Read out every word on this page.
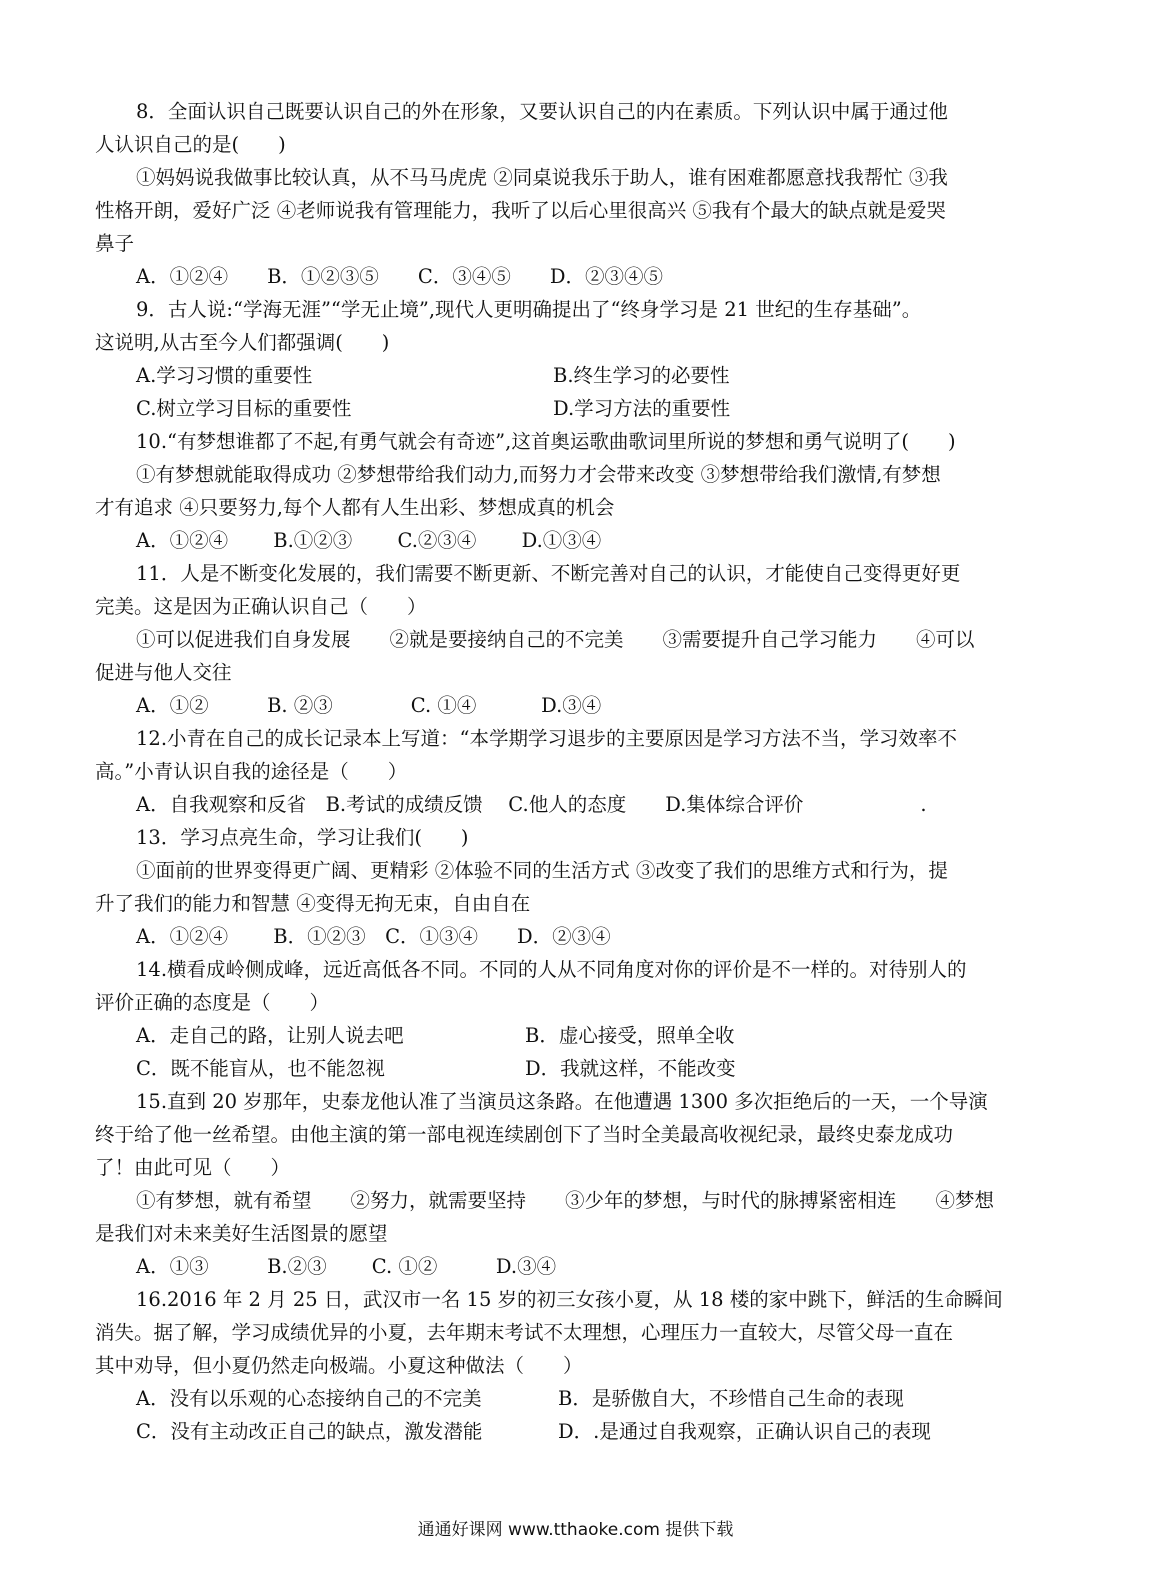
8．全面认识自己既要认识自己的外在形象，又要认识自己的内在素质。下列认识中属于通过他
人认识自己的是(　　)
①妈妈说我做事比较认真，从不马马虎虎 ②同桌说我乐于助人，谁有困难都愿意找我帮忙 ③我
性格开朗，爱好广泛 ④老师说我有管理能力，我听了以后心里很高兴 ⑤我有个最大的缺点就是爱哭
鼻子
A．①②④　　B．①②③⑤　　C．③④⑤　　D．②③④⑤
9．古人说:“学海无涯”“学无止境”,现代人更明确提出了“终身学习是 21 世纪的生存基础”。
这说明,从古至今人们都强调(　　)
A.学习习惯的重要性	B.终生学习的必要性
C.树立学习目标的重要性	D.学习方法的重要性
10.“有梦想谁都了不起,有勇气就会有奇迹”,这首奥运歌曲歌词里所说的梦想和勇气说明了(　　)
①有梦想就能取得成功 ②梦想带给我们动力,而努力才会带来改变 ③梦想带给我们激情,有梦想
才有追求 ④只要努力,每个人都有人生出彩、梦想成真的机会
A．①②④　　 B.①②③　　 C.②③④　　 D.①③④
11．人是不断变化发展的，我们需要不断更新、不断完善对自己的认识，才能使自己变得更好更
完美。这是因为正确认识自己（　　）
①可以促进我们自身发展　　②就是要接纳自己的不完美　　③需要提升自己学习能力　　④可以
促进与他人交往
A．①②　　　B. ②③　　　　C. ①④　　　 D.③④
12.小青在自己的成长记录本上写道：“本学期学习退步的主要原因是学习方法不当，学习效率不
高。”小青认识自我的途径是（　　）
A．自我观察和反省　B.考试的成绩反馈　 C.他人的态度　　D.集体综合评价　　　　　　.
13．学习点亮生命，学习让我们(　　)
①面前的世界变得更广阔、更精彩 ②体验不同的生活方式 ③改变了我们的思维方式和行为，提
升了我们的能力和智慧 ④变得无拘无束，自由自在
A．①②④　　 B．①②③　C．①③④　　D．②③④
14.横看成岭侧成峰，远近高低各不同。不同的人从不同角度对你的评价是不一样的。对待别人的
评价正确的态度是（　　）
A．走自己的路，让别人说去吧	B．虚心接受，照单全收
C．既不能盲从，也不能忽视	D．我就这样，不能改变
15.直到 20 岁那年，史泰龙他认准了当演员这条路。在他遭遇 1300 多次拒绝后的一天，一个导演
终于给了他一丝希望。由他主演的第一部电视连续剧创下了当时全美最高收视纪录，最终史泰龙成功
了！由此可见（　　）
①有梦想，就有希望　　②努力，就需要坚持　　③少年的梦想，与时代的脉搏紧密相连　　④梦想
是我们对未来美好生活图景的愿望
A．①③　　　B.②③　　 C. ①②　　　D.③④
16.2016 年 2 月 25 日，武汉市一名 15 岁的初三女孩小夏，从 18 楼的家中跳下，鲜活的生命瞬间
消失。据了解，学习成绩优异的小夏，去年期末考试不太理想，心理压力一直较大，尽管父母一直在
其中劝导，但小夏仍然走向极端。小夏这种做法（　　）
A．没有以乐观的心态接纳自己的不完美	B．是骄傲自大，不珍惜自己生命的表现
C．没有主动改正自己的缺点，激发潜能	D．.是通过自我观察，正确认识自己的表现
通通好课网 www.tthaoke.com 提供下载
